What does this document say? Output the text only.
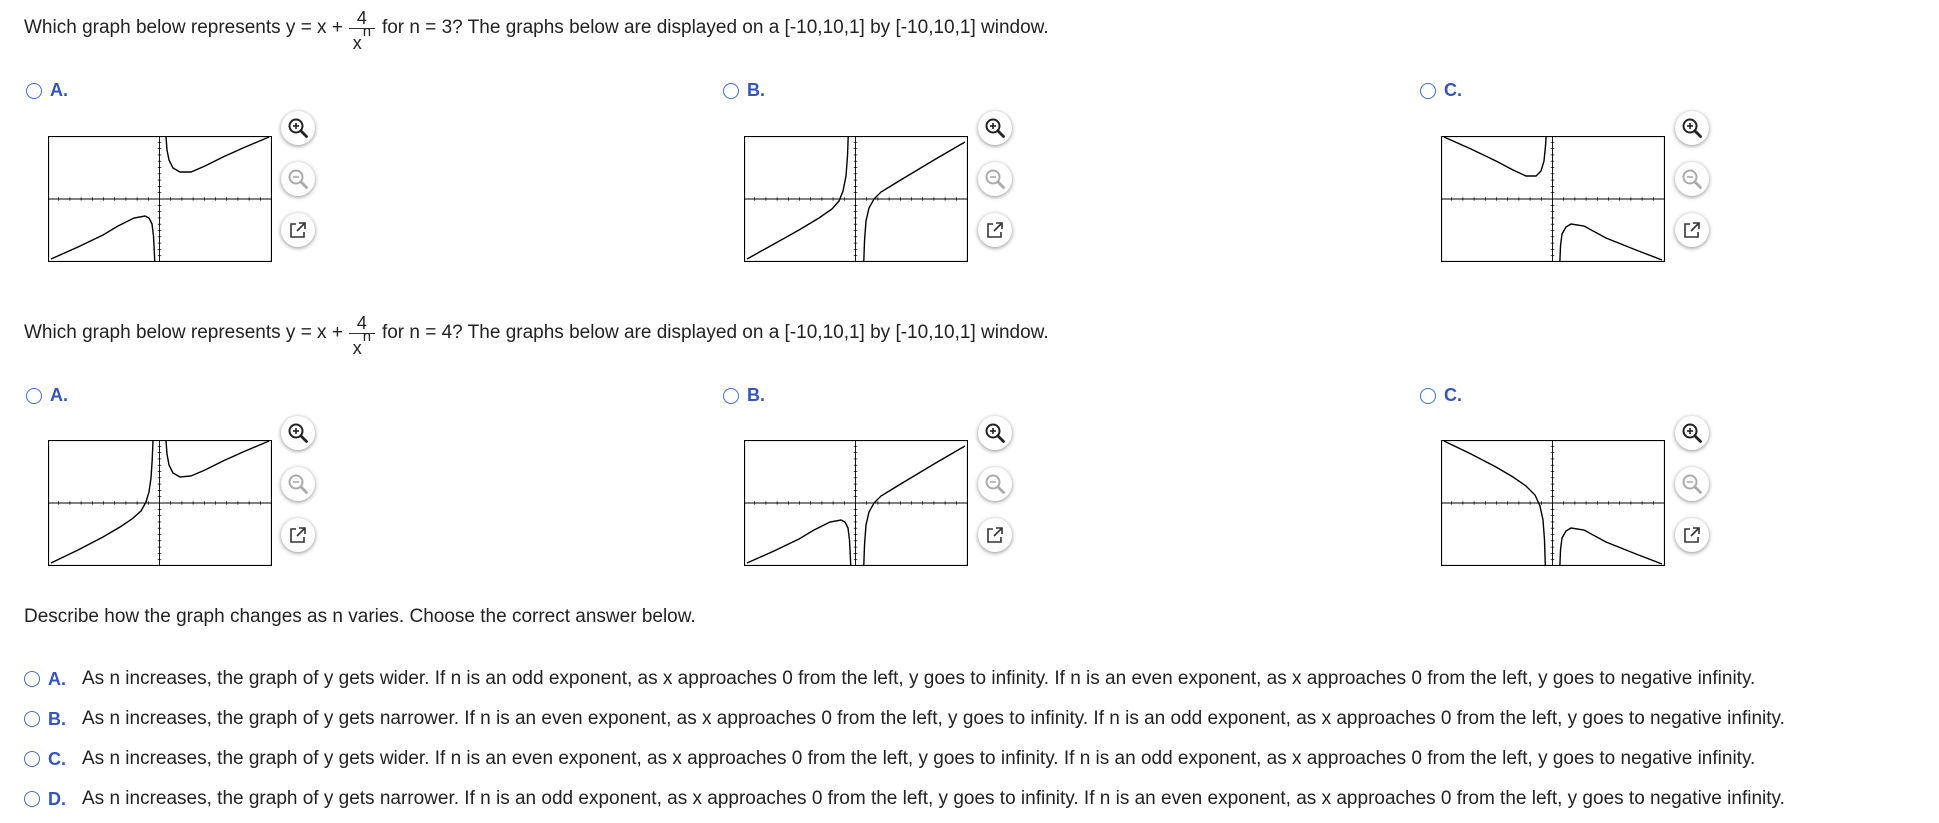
Which graph below represents $y = x + \frac{4}{x^n}$ for n = 3? The graphs below are displayed on a [-10,10,1] by [-10,10,1] window.
A.	B.	C.
Which graph below represents $y = x + \frac{4}{x^n}$ for n = 4? The graphs below are displayed on a [-10,10,1] by [-10,10,1] window.
A.	B.	C.
Describe how the graph changes as n varies. Choose the correct answer below.
A. As n increases, the graph of y gets wider. If n is an odd exponent, as x approaches 0 from the left, y goes to infinity. If n is an even exponent, as x approaches 0 from the left, y goes to negative infinity.
B. As n increases, the graph of y gets narrower. If n is an even exponent, as x approaches 0 from the left, y goes to infinity. If n is an odd exponent, as x approaches 0 from the left, y goes to negative infinity.
C. As n increases, the graph of y gets wider. If n is an even exponent, as x approaches 0 from the left, y goes to infinity. If n is an odd exponent, as x approaches 0 from the left, y goes to negative infinity.
D. As n increases, the graph of y gets narrower. If n is an odd exponent, as x approaches 0 from the left, y goes to infinity. If n is an even exponent, as x approaches 0 from the left, y goes to negative infinity.
